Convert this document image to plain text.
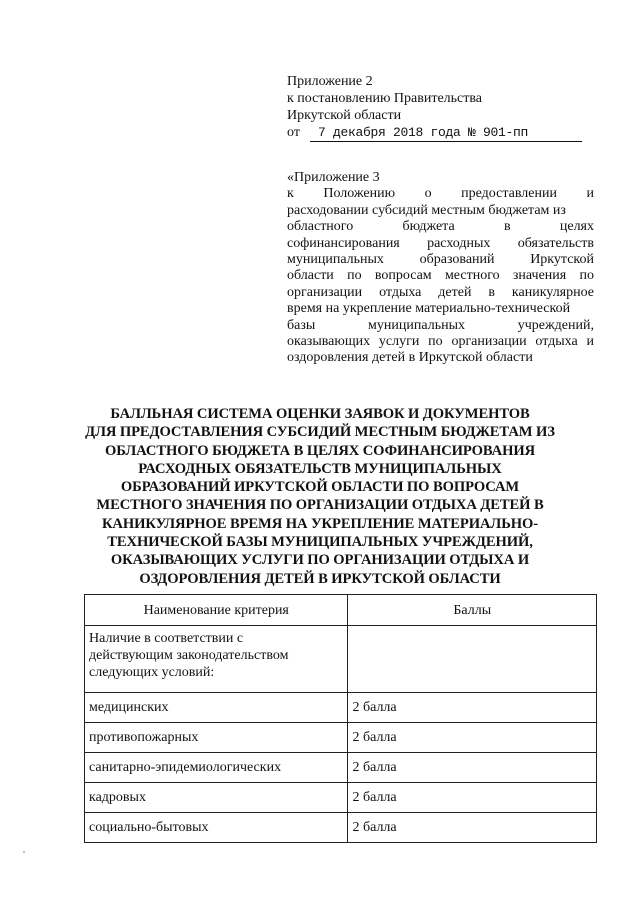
Приложение 2
к постановлению Правительства
Иркутской области
от	7 декабря 2018 года № 901-пп
«Приложение 3
к Положению о предоставлении и
расходовании субсидий местным бюджетам из
областного бюджета в целях
софинансирования расходных обязательств
муниципальных образований Иркутской
области по вопросам местного значения по
организации отдыха детей в каникулярное
время на укрепление материально-технической
базы муниципальных учреждений,
оказывающих услуги по организации отдыха и
оздоровления детей в Иркутской области
БАЛЛЬНАЯ СИСТЕМА ОЦЕНКИ ЗАЯВОК И ДОКУМЕНТОВ
ДЛЯ ПРЕДОСТАВЛЕНИЯ СУБСИДИЙ МЕСТНЫМ БЮДЖЕТАМ ИЗ
ОБЛАСТНОГО БЮДЖЕТА В ЦЕЛЯХ СОФИНАНСИРОВАНИЯ
РАСХОДНЫХ ОБЯЗАТЕЛЬСТВ МУНИЦИПАЛЬНЫХ
ОБРАЗОВАНИЙ ИРКУТСКОЙ ОБЛАСТИ ПО ВОПРОСАМ
МЕСТНОГО ЗНАЧЕНИЯ ПО ОРГАНИЗАЦИИ ОТДЫХА ДЕТЕЙ В
КАНИКУЛЯРНОЕ ВРЕМЯ НА УКРЕПЛЕНИЕ МАТЕРИАЛЬНО-
ТЕХНИЧЕСКОЙ БАЗЫ МУНИЦИПАЛЬНЫХ УЧРЕЖДЕНИЙ,
ОКАЗЫВАЮЩИХ УСЛУГИ ПО ОРГАНИЗАЦИИ ОТДЫХА И
ОЗДОРОВЛЕНИЯ ДЕТЕЙ В ИРКУТСКОЙ ОБЛАСТИ
Наименование критерия	Баллы

Наличие в соответствии с
действующим законодательством
следующих условий:	

медицинских	2 балла
противопожарных	2 балла
санитарно-эпидемиологических	2 балла
кадровых	2 балла
социально-бытовых	2 балла
